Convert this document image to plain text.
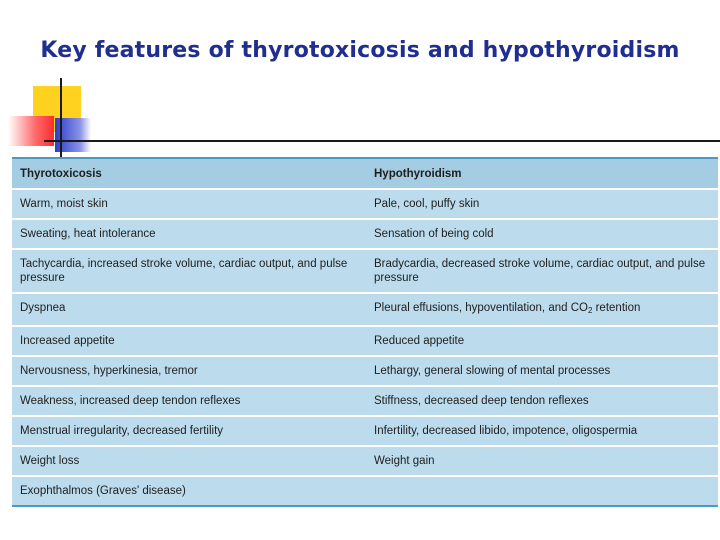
Key features of thyrotoxicosis and hypothyroidism
Thyrotoxicosis	Hypothyroidism
Warm, moist skin	Pale, cool, puffy skin
Sweating, heat intolerance	Sensation of being cold
Tachycardia, increased stroke volume, cardiac output, and pulse pressure	Bradycardia, decreased stroke volume, cardiac output, and pulse pressure
Dyspnea	Pleural effusions, hypoventilation, and $CO_2$ retention
Increased appetite	Reduced appetite
Nervousness, hyperkinesia, tremor	Lethargy, general slowing of mental processes
Weakness, increased deep tendon reflexes	Stiffness, decreased deep tendon reflexes
Menstrual irregularity, decreased fertility	Infertility, decreased libido, impotence, oligospermia
Weight loss	Weight gain
Exophthalmos (Graves' disease)	
